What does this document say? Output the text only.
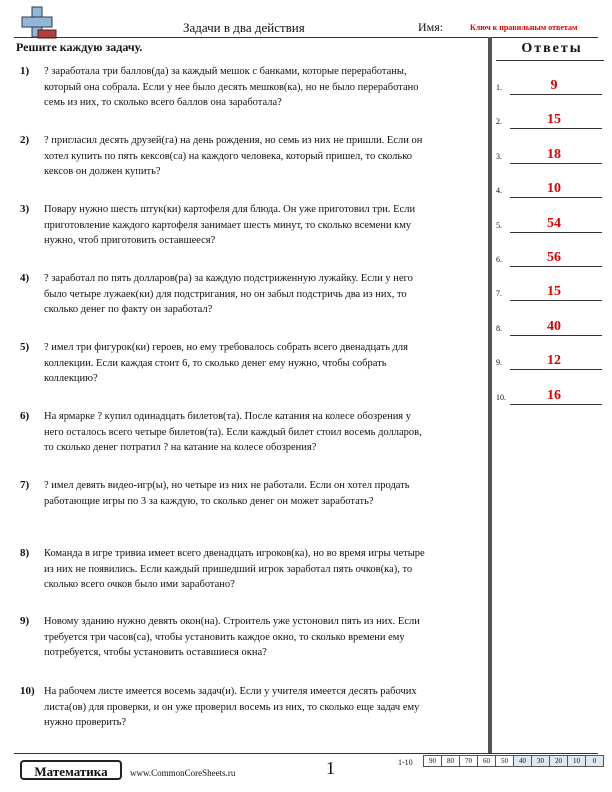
Задачи в два действия	Имя:	Ключ к правильным ответам
Решите каждую задачу.	Ответы
1) ? заработала три баллов(да) за каждый мешок с банками, которые переработаны,
который она собрала. Если у нее было десять мешков(ка), но не было переработано
семь из них, то сколько всего баллов она заработала?
2) ? пригласил десять друзей(га) на день рождения, но семь из них не пришли. Если он
хотел купить по пять кексов(са) на каждого человека, который пришел, то сколько
кексов он должен купить?
3) Повару нужно шесть штук(ки) картофеля для блюда. Он уже приготовил три. Если
приготовление каждого картофеля занимает шесть минут, то сколько всемени кму
нужно, чтоб приготовить оставшееся?
4) ? заработал по пять долларов(ра) за каждую подстриженную лужайку. Если у него
было четыре лужаек(ки) для подстригания, но он забыл подстричь два из них, то
сколько денег по факту он заработал?
5) ? имел три фигурок(ки) героев, но ему требовалось собрать всего двенадцать для
коллекции. Если каждая стоит 6, то сколько денег ему нужно, чтобы собрать
коллекцию?
6) На ярмарке ? купил одинадцать билетов(та). После катания на колесе обозрения у
него осталось всего четыре билетов(та). Если каждый билет стоил восемь долларов,
то сколько денег потратил ? на катание на колесе обозрения?
7) ? имел девять видео-игр(ы), но четыре из них не работали. Если он хотел продать
работающие игры по 3 за каждую, то сколько денег он может заработать?
8) Команда в игре тривиа имеет всего двенадцать игроков(ка), но во время игры четыре
из них не появились. Если каждый пришедший игрок заработал пять очков(ка), то
сколько всего очков было ими заработано?
9) Новому зданию нужно девять окон(на). Строитель уже устоновил пять из них. Если
требуется три часов(са), чтобы установить каждое окно, то сколько времени ему
потребуется, чтобы установить оставшиеся окна?
10) На рабочем листе имеется восемь задач(и). Если у учителя имеется десять рабочих
листа(ов) для проверки, и он уже проверил восемь из них, то сколько еще задач ему
нужно проверить?
1.	9
2.	15
3.	18
4.	10
5.	54
6.	56
7.	15
8.	40
9.	12
10.	16
Математика	www.CommonCoreSheets.ru	1	1-10 90	80	70	60	50	40	30	20	10	0
